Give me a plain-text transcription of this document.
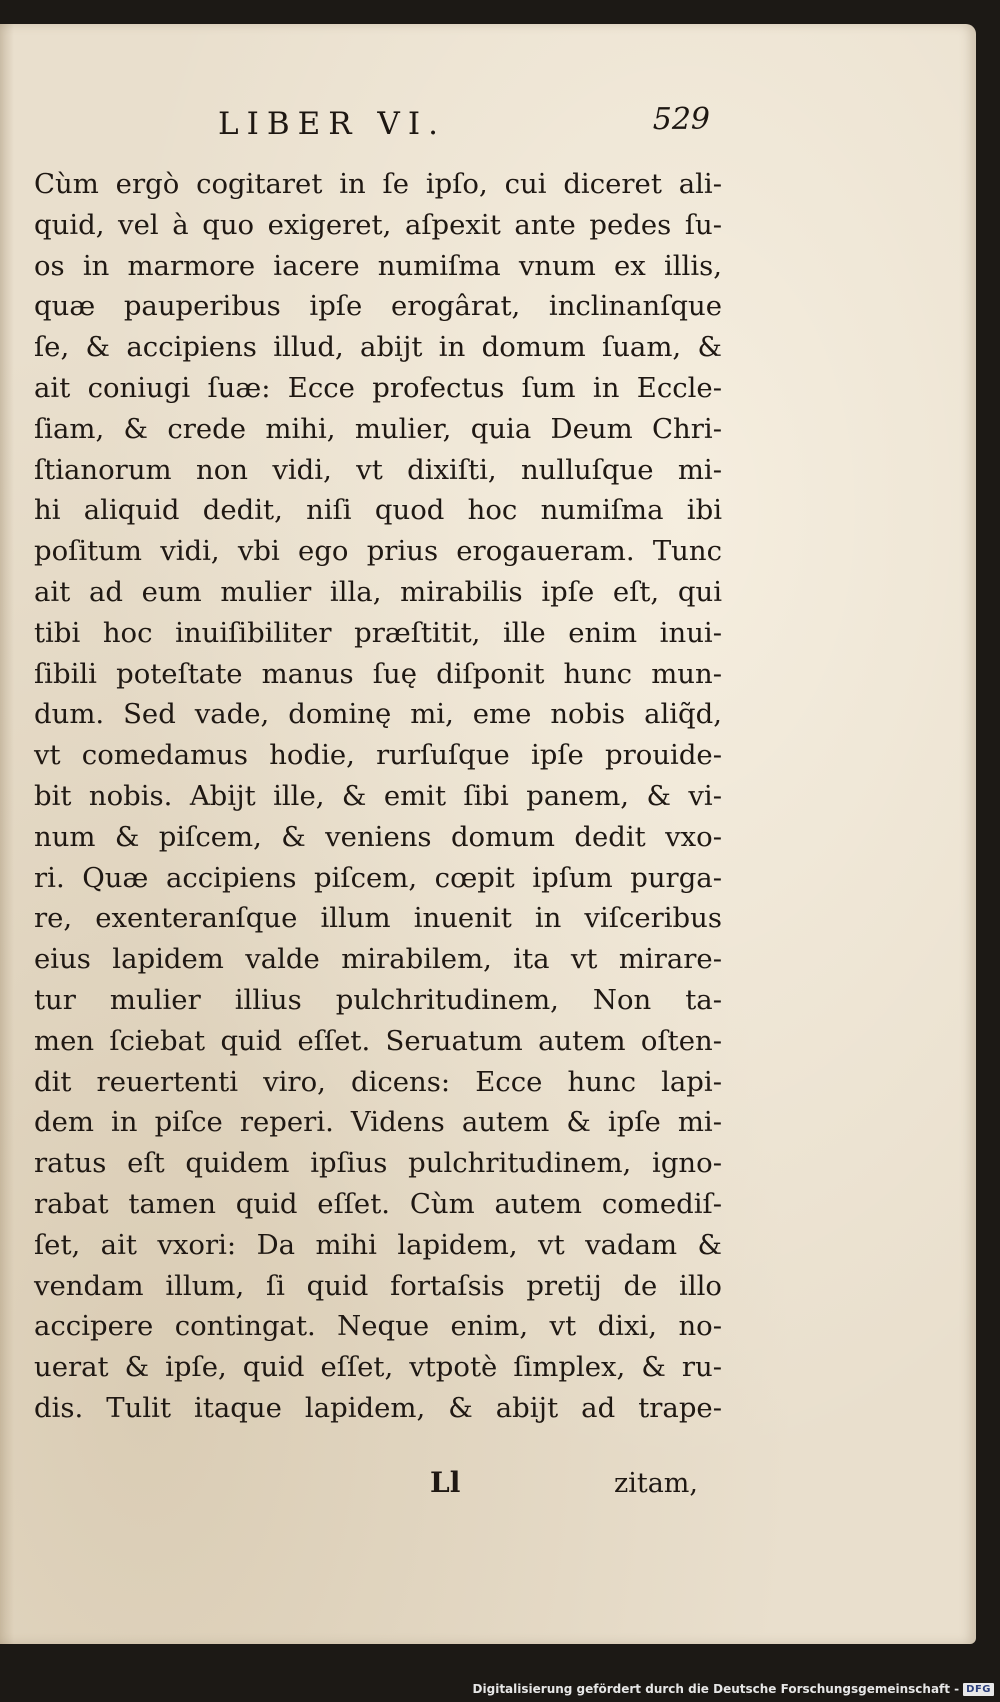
LIBER VI.	529
Cùm ergò cogitaret in ſe ipſo, cui diceret ali-
quid, vel à quo exigeret, aſpexit ante pedes ſu-
os in marmore iacere numiſma vnum ex illis,
quæ pauperibus ipſe erogârat, inclinanſque
ſe, & accipiens illud, abijt in domum ſuam, &
ait coniugi ſuæ: Ecce profectus ſum in Eccle-
ſiam, & crede mihi, mulier, quia Deum Chri-
ſtianorum non vidi, vt dixiſti, nulluſque mi-
hi aliquid dedit, niſi quod hoc numiſma ibi
poſitum vidi, vbi ego prius erogaueram. Tunc
ait ad eum mulier illa, mirabilis ipſe eſt, qui
tibi hoc inuiſibiliter præſtitit, ille enim inui-
ſibili poteſtate manus ſuę diſponit hunc mun-
dum. Sed vade, dominę mi, eme nobis aliq̃d,
vt comedamus hodie, rurſuſque ipſe prouide-
bit nobis. Abijt ille, & emit ſibi panem, & vi-
num & piſcem, & veniens domum dedit vxo-
ri. Quæ accipiens piſcem, cœpit ipſum purga-
re, exenteranſque illum inuenit in viſceribus
eius lapidem valde mirabilem, ita vt mirare-
tur mulier illius pulchritudinem, Non ta-
men ſciebat quid eſſet. Seruatum autem oſten-
dit reuertenti viro, dicens: Ecce hunc lapi-
dem in piſce reperi. Videns autem & ipſe mi-
ratus eſt quidem ipſius pulchritudinem, igno-
rabat tamen quid eſſet. Cùm autem comediſ-
ſet, ait vxori: Da mihi lapidem, vt vadam &
vendam illum, ſi quid fortaſsis pretij de illo
accipere contingat. Neque enim, vt dixi, no-
uerat & ipſe, quid eſſet, vtpotè ſimplex, & ru-
dis. Tulit itaque lapidem, & abijt ad trape-
Ll	zitam,
Digitalisierung gefördert durch die Deutsche Forschungsgemeinschaft - DFG
